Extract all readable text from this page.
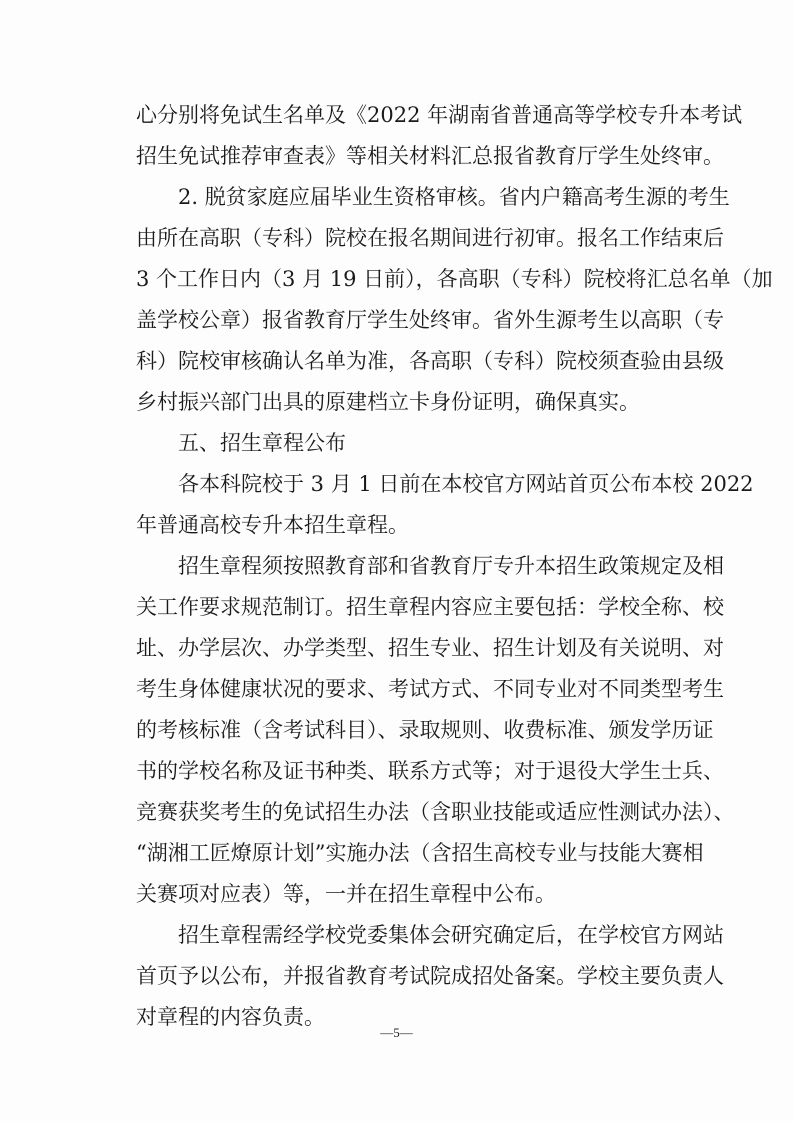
心分别将免试生名单及《2022 年湖南省普通高等学校专升本考试
招生免试推荐审查表》等相关材料汇总报省教育厅学生处终审。
2. 脱贫家庭应届毕业生资格审核。省内户籍高考生源的考生
由所在高职（专科）院校在报名期间进行初审。报名工作结束后
3 个工作日内（3 月 19 日前），各高职（专科）院校将汇总名单（加
盖学校公章）报省教育厅学生处终审。省外生源考生以高职（专
科）院校审核确认名单为准，各高职（专科）院校须查验由县级
乡村振兴部门出具的原建档立卡身份证明，确保真实。
五、招生章程公布
各本科院校于 3 月 1 日前在本校官方网站首页公布本校 2022
年普通高校专升本招生章程。
招生章程须按照教育部和省教育厅专升本招生政策规定及相
关工作要求规范制订。招生章程内容应主要包括：学校全称、校
址、办学层次、办学类型、招生专业、招生计划及有关说明、对
考生身体健康状况的要求、考试方式、不同专业对不同类型考生
的考核标准（含考试科目）、录取规则、收费标准、颁发学历证
书的学校名称及证书种类、联系方式等；对于退役大学生士兵、
竞赛获奖考生的免试招生办法（含职业技能或适应性测试办法）、
“湖湘工匠燎原计划”实施办法（含招生高校专业与技能大赛相
关赛项对应表）等，一并在招生章程中公布。
招生章程需经学校党委集体会研究确定后，在学校官方网站
首页予以公布，并报省教育考试院成招处备案。学校主要负责人
对章程的内容负责。
—5—
